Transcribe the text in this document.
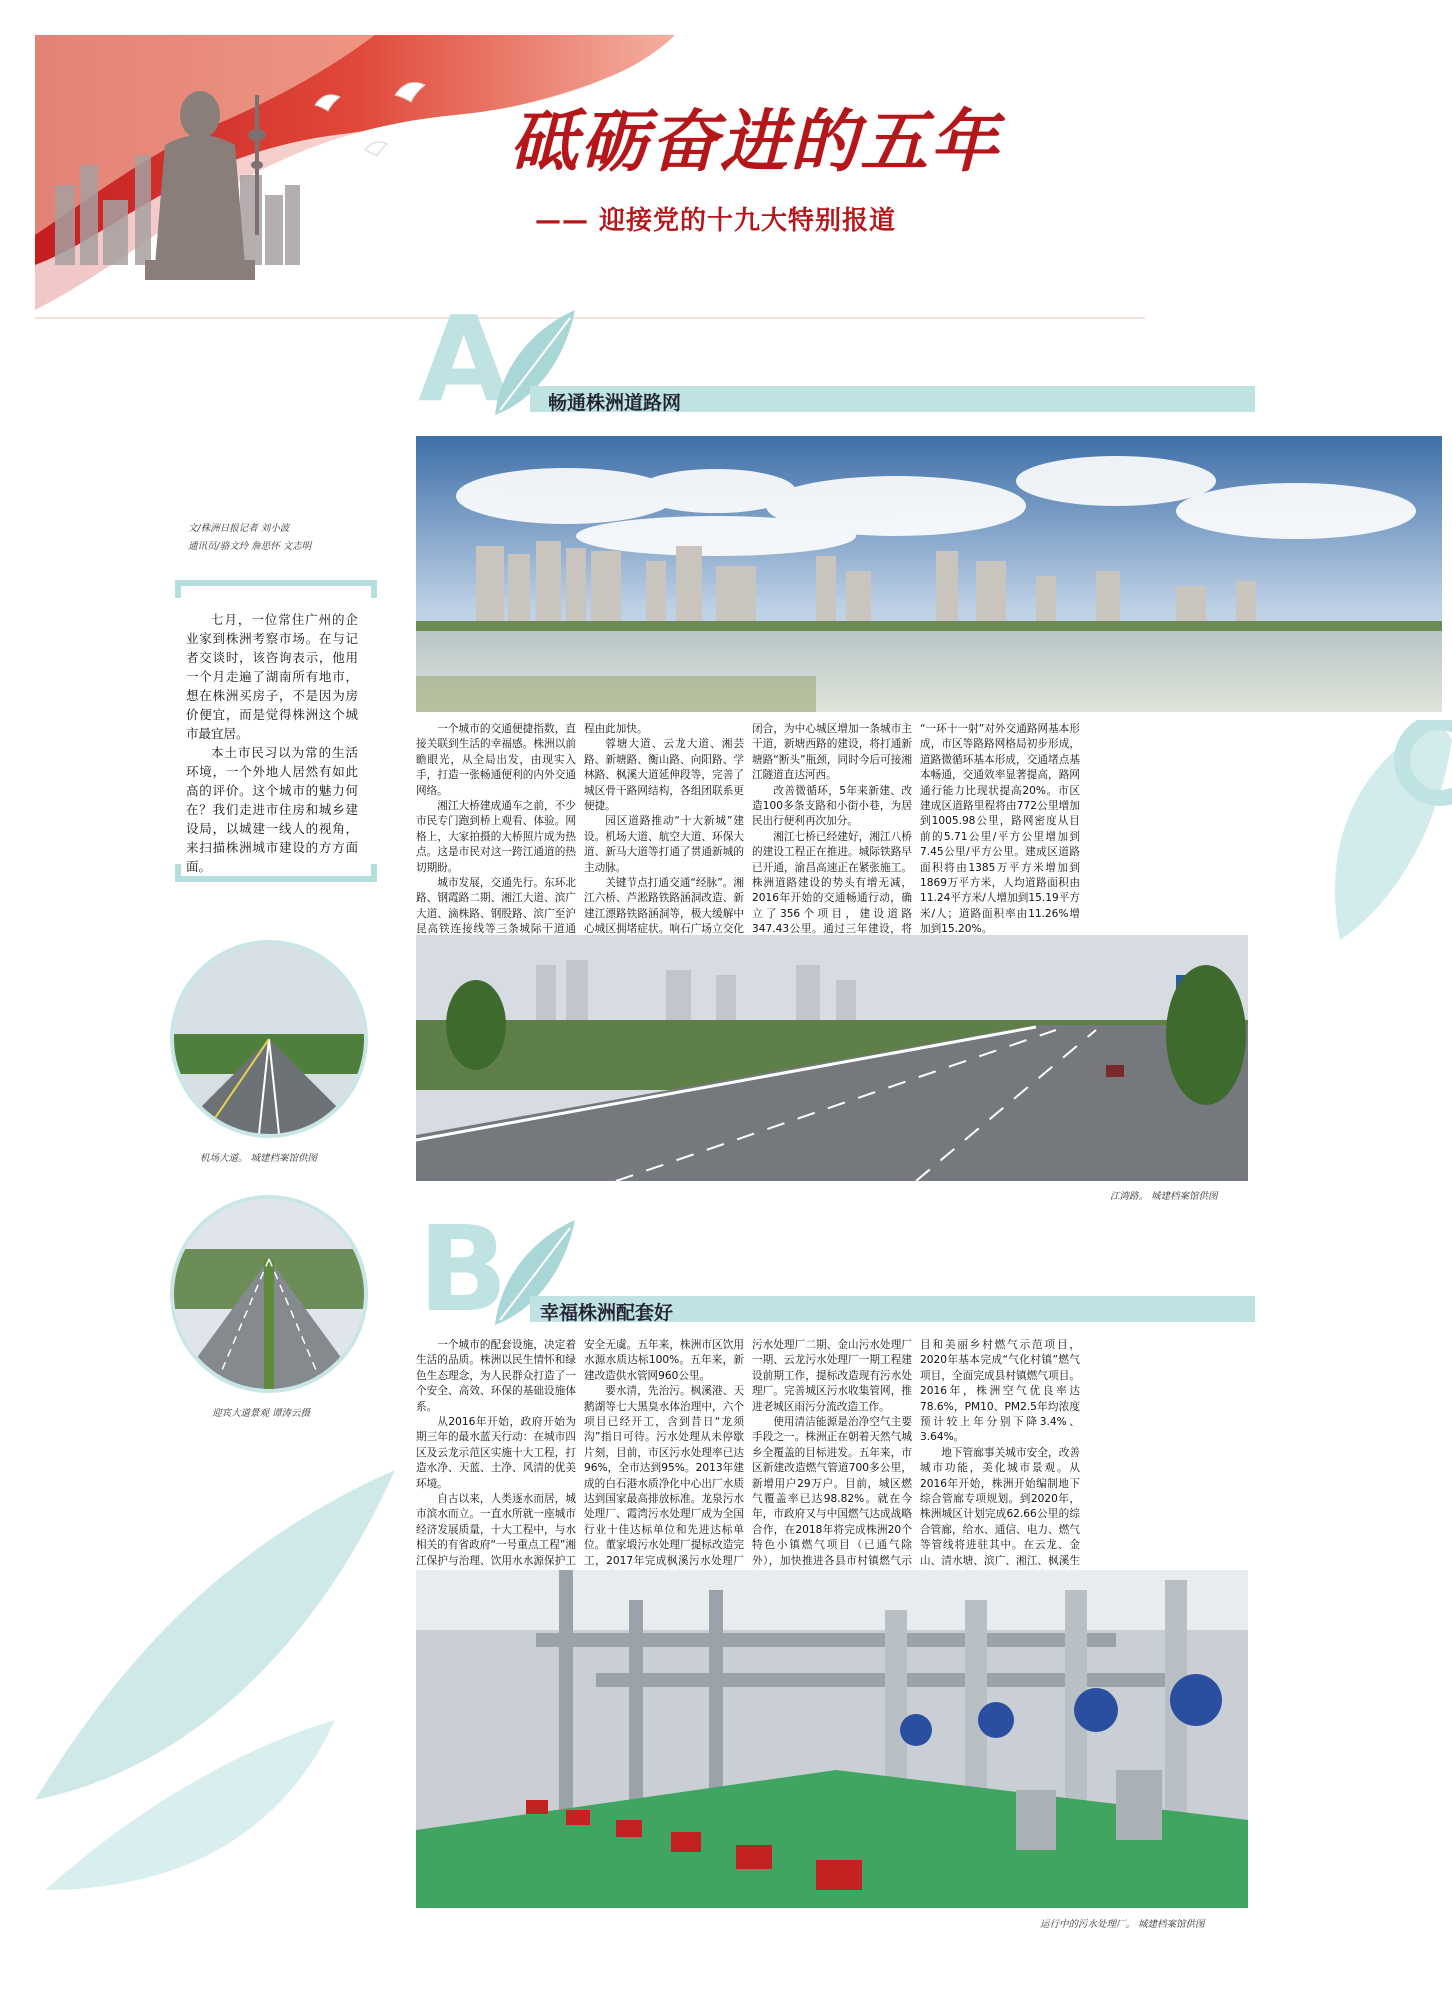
砥砺奋进的五年
—— 迎接党的十九大特别报道
A 畅通株洲道路网
文/株洲日报记者 刘小波
通讯员/骆文玲 詹思怀 文志明
七月，一位常住广州的企业家到株洲考察市场。在与记者交谈时，该咨询表示，他用一个月走遍了湖南所有地市，想在株洲买房子，不是因为房价便宜，而是觉得株洲这个城市最宜居。
本土市民习以为常的生活环境，一个外地人居然有如此高的评价。这个城市的魅力何在？我们走进市住房和城乡建设局，以城建一线人的视角，来扫描株洲城市建设的方方面面。

一个城市的交通便捷指数，直接关联到生活的幸福感。株洲以前瞻眼光，从全局出发，由现实入手，打造一张畅通便利的内外交通网络。

湘江大桥建成通车之前，不少市民专门跑到桥上观看、体验。网格上，大家拍摄的大桥照片成为热点。这是市民对这一跨江通道的热切期盼。

城市发展，交通先行。东环北路、钢霞路二期、湘江大道、滨广大道、滴株路、钢股路、滨广至沪昆高铁连接线等三条城际干道通

程由此加快。

蓉塘大道、云龙大道、湘芸路、新塘路、衡山路、向阳路、学林路、枫溪大道延伸段等，完善了城区骨干路网结构，各组团联系更便捷。

园区道路推动“十大新城”建设。机场大道、航空大道、环保大道、新马大道等打通了贯通新城的主动脉。

关键节点打通交通“经脉”。湘江六桥、芦淞路铁路涵洞改造、新建江漂路铁路涵洞等，极大缓解中心城区拥堵症状。响石广场立交化

闭合，为中心城区增加一条城市主干道，新塘西路的建设，将打通新塘路“断头”瓶颈，同时今后可接湘江隧道直达河西。

改善微循环，5年来新建、改造100多条支路和小街小巷，为居民出行便利再次加分。

湘江七桥已经建好，湘江八桥的建设工程正在推进。城际铁路早已开通，渝昌高速正在紧张施工。株洲道路建设的势头有增无减，2016年开始的交通畅通行动，确立了356个项目，建设道路347.43公里。通过三年建设，将

“一环十一射”对外交通路网基本形成，市区等路路网格局初步形成，道路微循环基本形成，交通堵点基本畅通，交通效率显著提高，路网通行能力比现状提高20%。市区建成区道路里程将由772公里增加到1005.98公里，路网密度从目前的5.71公里/平方公里增加到7.45公里/平方公里。建成区道路面积将由1385万平方米增加到1869万平方米，人均道路面积由11.24平方米/人增加到15.19平方米/人；道路面积率由11.26%增加到15.20%。

机场大道。 城建档案馆供图
江湾路。 城建档案馆供图
B 幸福株洲配套好
迎宾大道景观 谭涛云摄

一个城市的配套设施，决定着生活的品质。株洲以民生情怀和绿色生态理念，为人民群众打造了一个安全、高效、环保的基础设施体系。

从2016年开始，政府开始为期三年的最水蓝天行动：在城市四区及云龙示范区实施十大工程，打造水净、天蓝、土净、风清的优美环境。

自古以来，人类逐水而居，城市滨水而立。一直水所就一座城市经济发展质量，十大工程中，与水相关的有省政府“一号重点工程”湘江保护与治理、饮用水水源保护工

安全无虞。五年来，株洲市区饮用水源水质达标100%。五年来，新建改造供水管网960公里。

要水清，先治污。枫溪港、天鹅湖等七大黑臭水体治理中，六个项目已经开工，含到昔日“龙须沟”指日可待。污水处理从未停歇片刻，目前，市区污水处理率已达96%，全市达到95%。2013年建成的白石港水质净化中心出厂水质达到国家最高排放标准。龙泉污水处理厂、霞湾污水处理厂成为全国行业十佳达标单位和先进达标单位。董家塅污水处理厂提标改造完工，2017年完成枫溪污水处理厂

污水处理厂二期、金山污水处理厂一期、云龙污水处理厂一期工程建设前期工作，提标改造现有污水处理厂。完善城区污水收集管网，推进老城区雨污分流改造工作。

使用清洁能源是治净空气主要手段之一。株洲正在朝着天然气城乡全覆盖的目标进发。五年来，市区新建改造燃气管道700多公里，新增用户29万户。目前，城区燃气覆盖率已达98.82%。就在今年，市政府又与中国燃气达成战略合作，在2018年将完成株洲20个特色小镇燃气项目（已通气除外），加快推进各县市村镇燃气示

目和美丽乡村燃气示范项目，2020年基本完成“气化村镇”燃气项目，全面完成县村镇燃气项目。2016年，株洲空气优良率达78.6%，PM10、PM2.5年均浓度预计较上年分别下降3.4%、3.64%。

地下管廊事关城市安全，改善城市功能，美化城市景观。从2016年开始，株洲开始编制地下综合管廊专项规划。到2020年，株洲城区计划完成62.66公里的综合管廊，给水、通信、电力、燃气等管线将进驻其中。在云龙、金山、清水塘、滨广、湘江、枫溪生

运行中的污水处理厂。 城建档案馆供图
